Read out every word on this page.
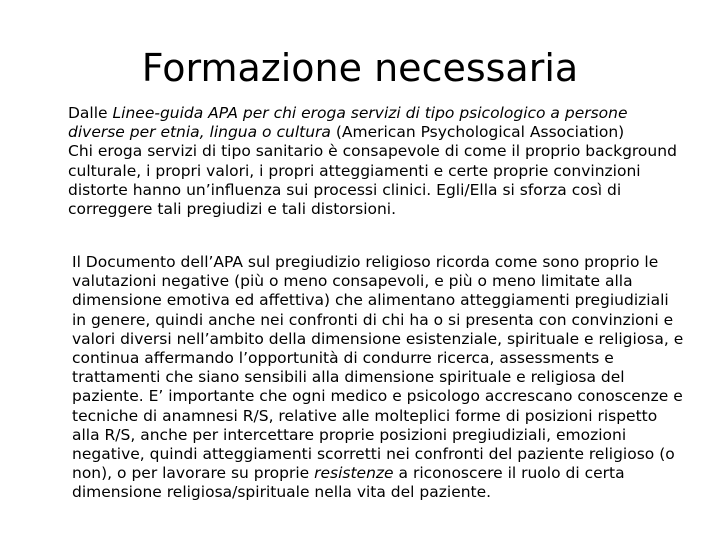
Formazione necessaria

Dalle Linee-guida APA per chi eroga servizi di tipo psicologico a persone diverse per etnia, lingua o cultura (American Psychological Association)

Chi eroga servizi di tipo sanitario è consapevole di come il proprio background culturale, i propri valori, i propri atteggiamenti e certe proprie convinzioni distorte hanno un’influenza sui processi clinici. Egli/Ella si sforza così di correggere tali pregiudizi e tali distorsioni.

Il Documento dell’APA sul pregiudizio religioso ricorda come sono proprio le valutazioni negative (più o meno consapevoli, e più o meno limitate alla dimensione emotiva ed affettiva) che alimentano atteggiamenti pregiudiziali in genere, quindi anche nei confronti di chi ha o si presenta con convinzioni e valori diversi nell’ambito della dimensione esistenziale, spirituale e religiosa, e continua affermando l’opportunità di condurre ricerca, assessments e trattamenti che siano sensibili alla dimensione spirituale e religiosa del paziente. E’ importante che ogni medico e psicologo accrescano conoscenze e tecniche di anamnesi R/S, relative alle molteplici forme di posizioni rispetto alla R/S, anche per intercettare proprie posizioni pregiudiziali, emozioni negative, quindi atteggiamenti scorretti nei confronti del paziente religioso (o non), o per lavorare su proprie resistenze a riconoscere il ruolo di certa dimensione religiosa/spirituale nella vita del paziente.
